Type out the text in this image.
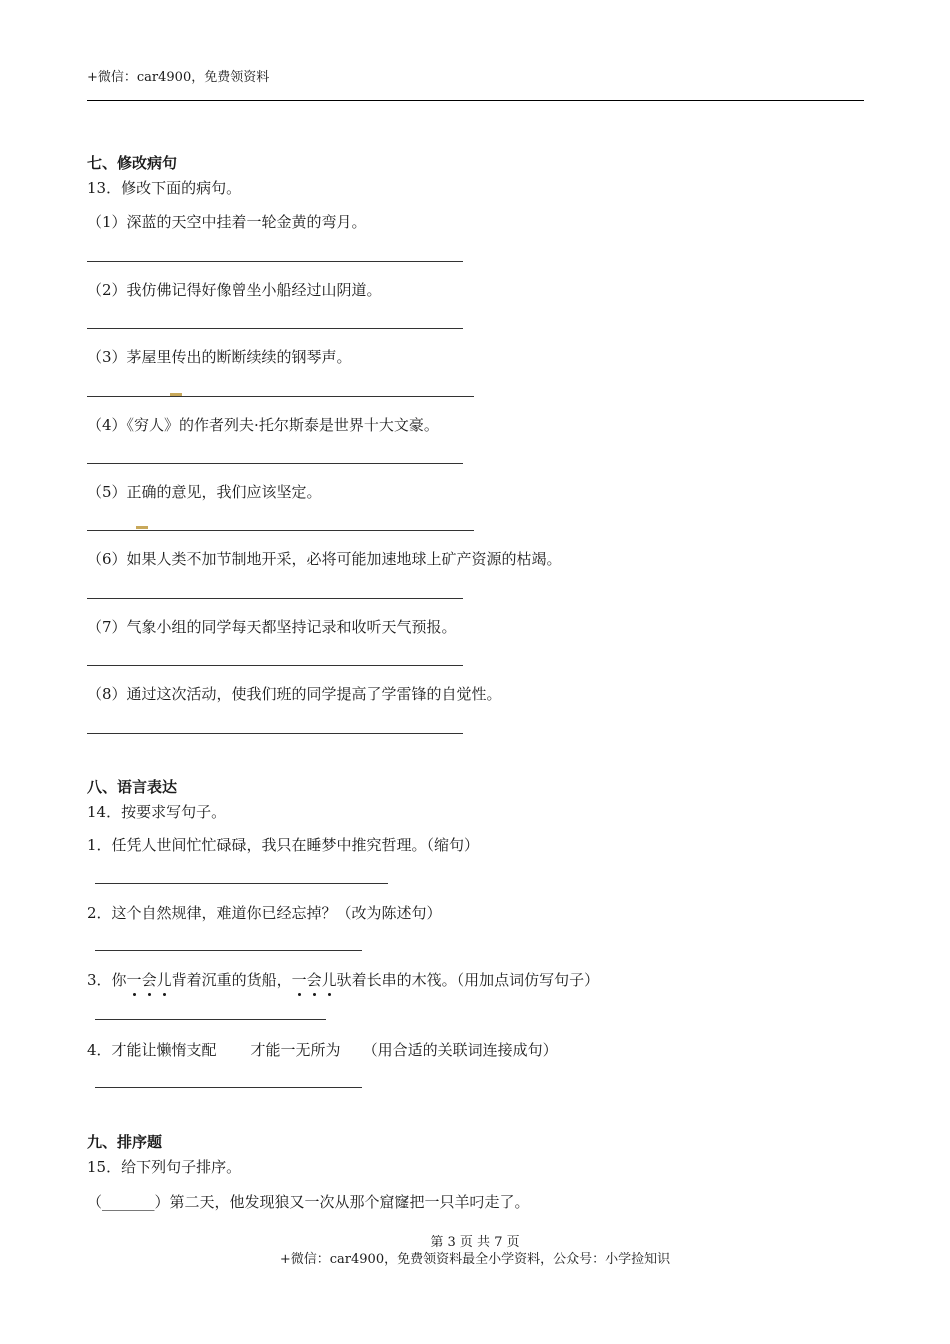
+微信：car4900，免费领资料
七、修改病句
13．修改下面的病句。
（1）深蓝的天空中挂着一轮金黄的弯月。
（2）我仿佛记得好像曾坐小船经过山阴道。
（3）茅屋里传出的断断续续的钢琴声。
（4）《穷人》的作者列夫·托尔斯泰是世界十大文豪。
（5）正确的意见，我们应该坚定。
（6）如果人类不加节制地开采，必将可能加速地球上矿产资源的枯竭。
（7）气象小组的同学每天都坚持记录和收听天气预报。
（8）通过这次活动，使我们班的同学提高了学雷锋的自觉性。
八、语言表达
14．按要求写句子。
1．任凭人世间忙忙碌碌，我只在睡梦中推究哲理。（缩句）
2．这个自然规律，难道你已经忘掉？（改为陈述句）
3．你一会儿背着沉重的货船，一会儿驮着长串的木筏。（用加点词仿写句子）
4．才能让懒惰支配 才能一无所为 （用合适的关联词连接成句）
九、排序题
15．给下列句子排序。
（_______）第二天，他发现狼又一次从那个窟窿把一只羊叼走了。
第 3 页 共 7 页
+微信：car4900，免费领资料最全小学资料，公众号：小学捡知识
